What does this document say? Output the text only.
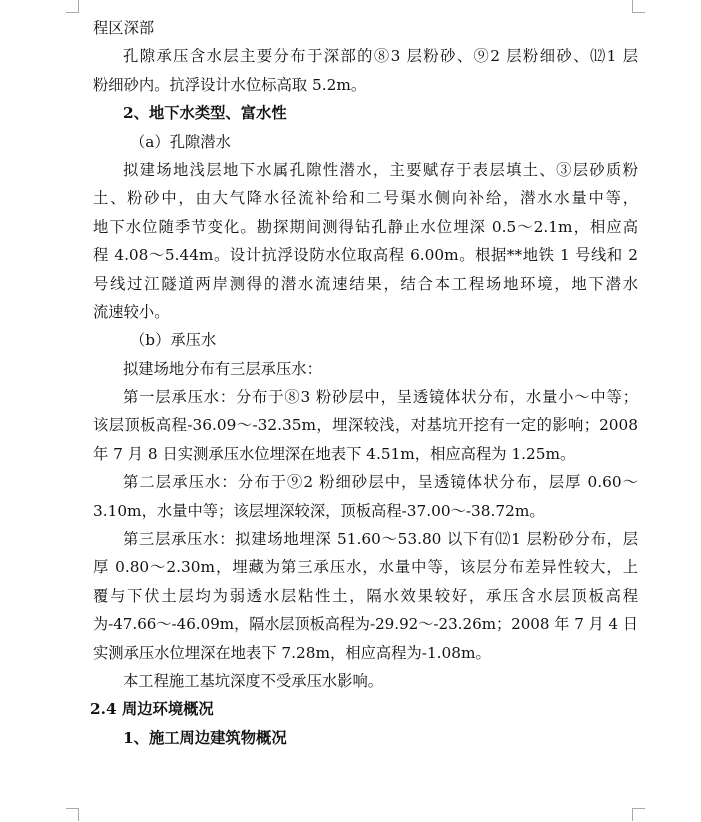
程区深部
孔隙承压含水层主要分布于深部的⑧3 层粉砂、⑨2 层粉细砂、⑿1 层
粉细砂内。抗浮设计水位标高取 5.2m。
2、地下水类型、富水性
（a）孔隙潜水
拟建场地浅层地下水属孔隙性潜水，主要赋存于表层填土、③层砂质粉
土、粉砂中，由大气降水径流补给和二号渠水侧向补给，潜水水量中等，
地下水位随季节变化。勘探期间测得钻孔静止水位埋深 0.5～2.1m，相应高
程 4.08～5.44m。设计抗浮设防水位取高程 6.00m。根据**地铁 1 号线和 2
号线过江隧道两岸测得的潜水流速结果，结合本工程场地环境，地下潜水
流速较小。
（b）承压水
拟建场地分布有三层承压水：
第一层承压水：分布于⑧3 粉砂层中，呈透镜体状分布，水量小～中等；
该层顶板高程-36.09～-32.35m，埋深较浅，对基坑开挖有一定的影响；2008
年 7 月 8 日实测承压水位埋深在地表下 4.51m，相应高程为 1.25m。
第二层承压水：分布于⑨2 粉细砂层中，呈透镜体状分布，层厚 0.60～
3.10m，水量中等；该层埋深较深，顶板高程-37.00～-38.72m。
第三层承压水：拟建场地埋深 51.60～53.80 以下有⑿1 层粉砂分布，层
厚 0.80～2.30m，埋藏为第三承压水，水量中等，该层分布差异性较大，上
覆与下伏土层均为弱透水层粘性土，隔水效果较好，承压含水层顶板高程
为-47.66～-46.09m，隔水层顶板高程为-29.92～-23.26m；2008 年 7 月 4 日
实测承压水位埋深在地表下 7.28m，相应高程为-1.08m。
本工程施工基坑深度不受承压水影响。
2.4 周边环境概况
1、施工周边建筑物概况
